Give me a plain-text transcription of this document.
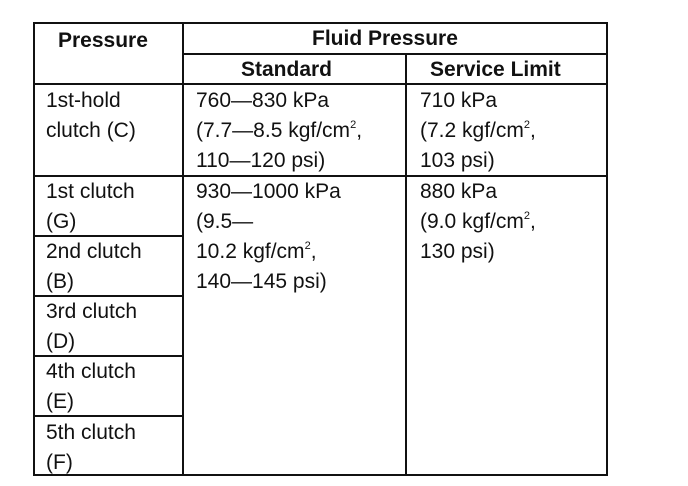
Pressure	Fluid Pressure
Standard	Service Limit
1st-hold
clutch (C)
760—830 kPa
(7.7—8.5 kgf/$cm^2$,
110—120 psi)
710 kPa
(7.2 kgf/$cm^2$,
103 psi)
1st clutch
(G)
2nd clutch
(B)
3rd clutch
(D)
4th clutch
(E)
5th clutch
(F)
930—1000 kPa
(9.5—
10.2 kgf/$cm^2$,
140—145 psi)
880 kPa
(9.0 kgf/$cm^2$,
130 psi)
